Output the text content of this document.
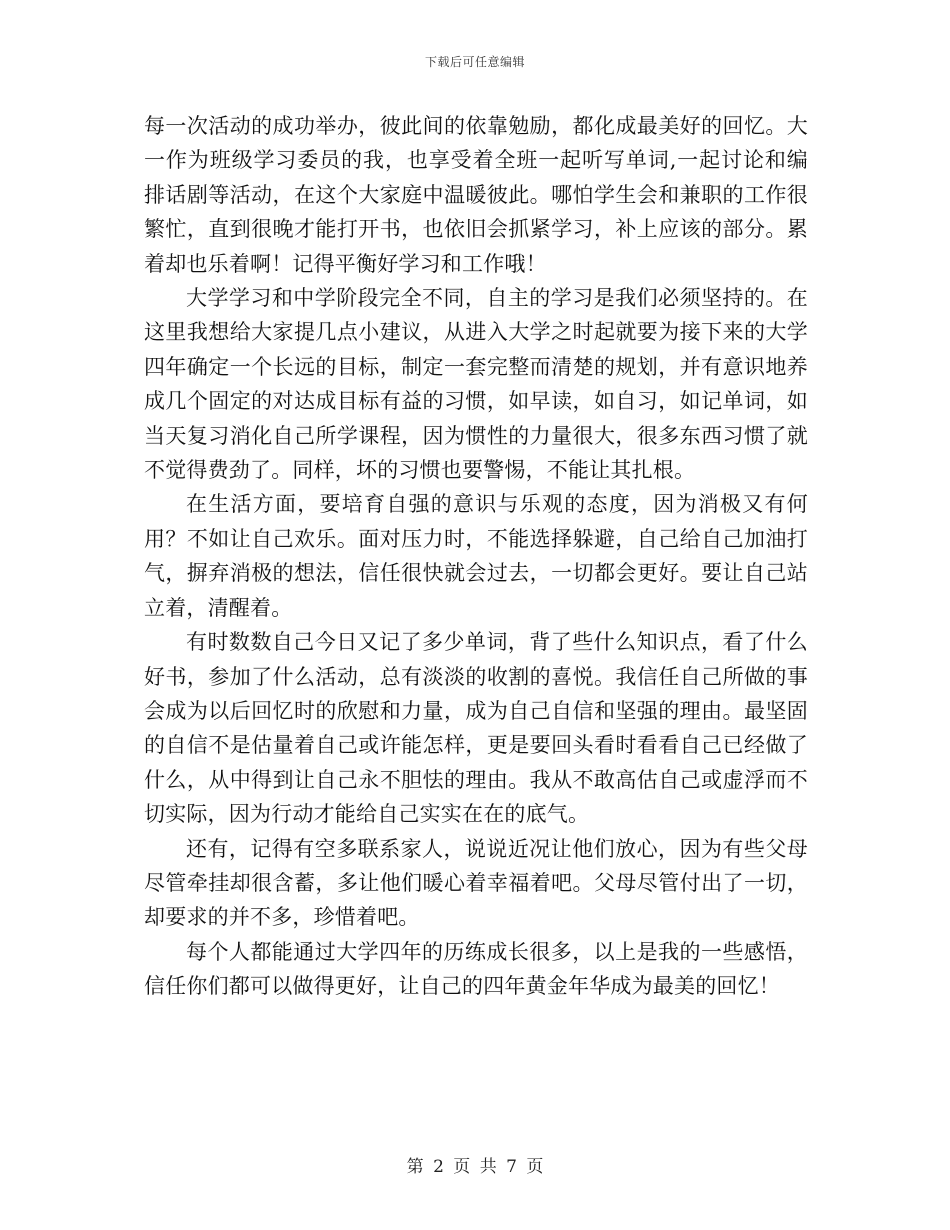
下载后可任意编辑

每一次活动的成功举办，彼此间的依靠勉励，都化成最美好的回忆。大一作为班级学习委员的我，也享受着全班一起听写单词,一起讨论和编排话剧等活动，在这个大家庭中温暖彼此。哪怕学生会和兼职的工作很繁忙，直到很晚才能打开书，也依旧会抓紧学习，补上应该的部分。累着却也乐着啊！记得平衡好学习和工作哦！

大学学习和中学阶段完全不同，自主的学习是我们必须坚持的。在这里我想给大家提几点小建议，从进入大学之时起就要为接下来的大学四年确定一个长远的目标，制定一套完整而清楚的规划，并有意识地养成几个固定的对达成目标有益的习惯，如早读，如自习，如记单词，如当天复习消化自己所学课程，因为惯性的力量很大，很多东西习惯了就不觉得费劲了。同样，坏的习惯也要警惕，不能让其扎根。

在生活方面，要培育自强的意识与乐观的态度，因为消极又有何用？不如让自己欢乐。面对压力时，不能选择躲避，自己给自己加油打气，摒弃消极的想法，信任很快就会过去，一切都会更好。要让自己站立着，清醒着。

有时数数自己今日又记了多少单词，背了些什么知识点，看了什么好书，参加了什么活动，总有淡淡的收割的喜悦。我信任自己所做的事会成为以后回忆时的欣慰和力量，成为自己自信和坚强的理由。最坚固的自信不是估量着自己或许能怎样，更是要回头看时看看自己已经做了什么，从中得到让自己永不胆怯的理由。我从不敢高估自己或虚浮而不切实际，因为行动才能给自己实实在在的底气。

还有，记得有空多联系家人，说说近况让他们放心，因为有些父母尽管牵挂却很含蓄，多让他们暖心着幸福着吧。父母尽管付出了一切，却要求的并不多，珍惜着吧。

每个人都能通过大学四年的历练成长很多，以上是我的一些感悟，信任你们都可以做得更好，让自己的四年黄金年华成为最美的回忆！

第 2 页 共 7 页
